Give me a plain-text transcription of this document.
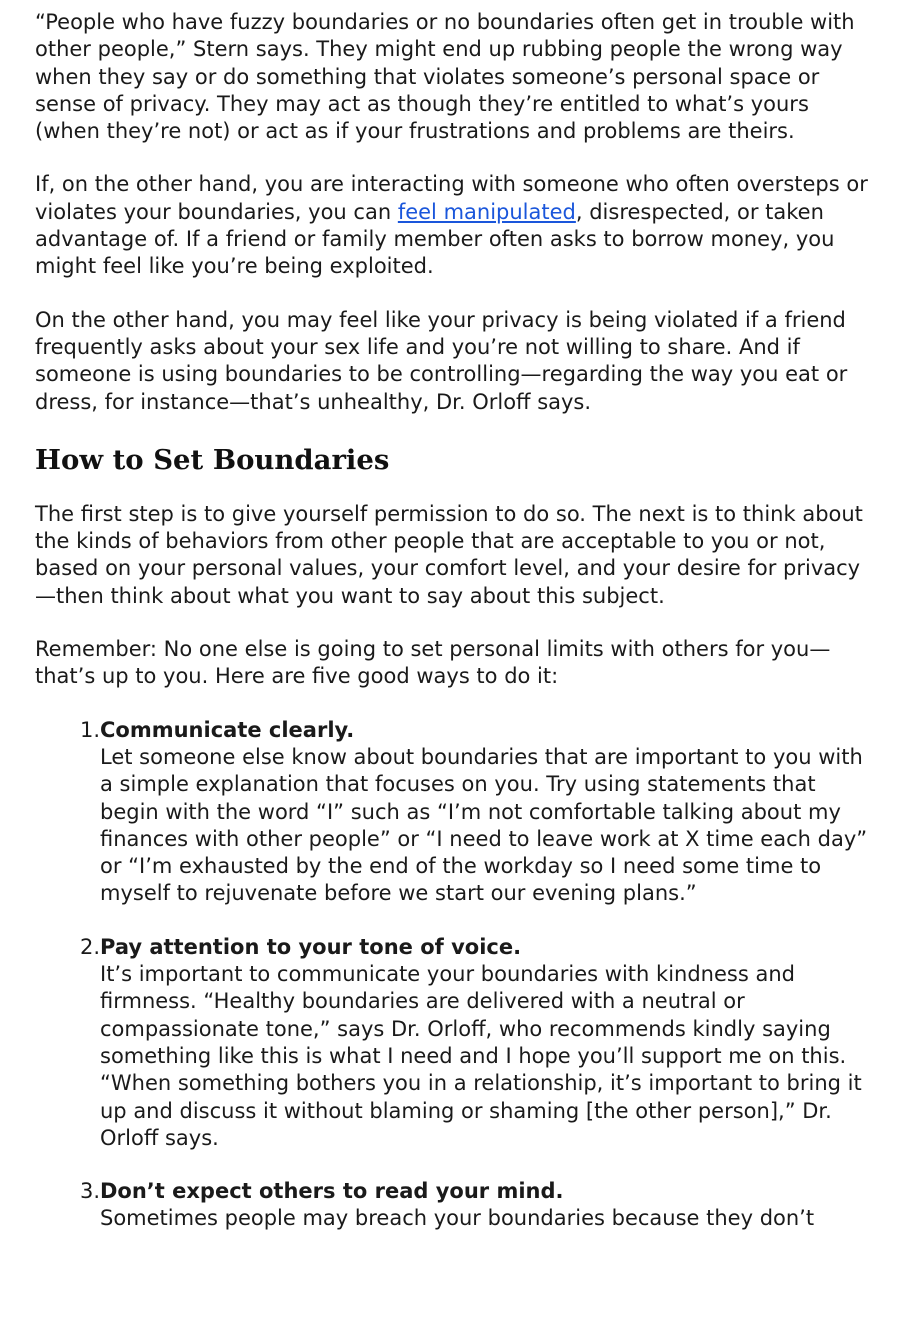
“People who have fuzzy boundaries or no boundaries often get in trouble with other people,” Stern says. They might end up rubbing people the wrong way when they say or do something that violates someone’s personal space or sense of privacy. They may act as though they’re entitled to what’s yours (when they’re not) or act as if your frustrations and problems are theirs.

If, on the other hand, you are interacting with someone who often oversteps or violates your boundaries, you can feel manipulated, disrespected, or taken advantage of. If a friend or family member often asks to borrow money, you might feel like you’re being exploited.

On the other hand, you may feel like your privacy is being violated if a friend frequently asks about your sex life and you’re not willing to share. And if someone is using boundaries to be controlling—regarding the way you eat or dress, for instance—that’s unhealthy, Dr. Orloff says.

How to Set Boundaries

The first step is to give yourself permission to do so. The next is to think about the kinds of behaviors from other people that are acceptable to you or not, based on your personal values, your comfort level, and your desire for privacy—then think about what you want to say about this subject.

Remember: No one else is going to set personal limits with others for you—that’s up to you. Here are five good ways to do it:

1. Communicate clearly.

Let someone else know about boundaries that are important to you with a simple explanation that focuses on you. Try using statements that begin with the word “I” such as “I’m not comfortable talking about my finances with other people” or “I need to leave work at X time each day” or “I’m exhausted by the end of the workday so I need some time to myself to rejuvenate before we start our evening plans.”

2. Pay attention to your tone of voice.

It’s important to communicate your boundaries with kindness and firmness. “Healthy boundaries are delivered with a neutral or compassionate tone,” says Dr. Orloff, who recommends kindly saying something like this is what I need and I hope you’ll support me on this. “When something bothers you in a relationship, it’s important to bring it up and discuss it without blaming or shaming [the other person],” Dr. Orloff says.

3. Don’t expect others to read your mind.

Sometimes people may breach your boundaries because they don’t
